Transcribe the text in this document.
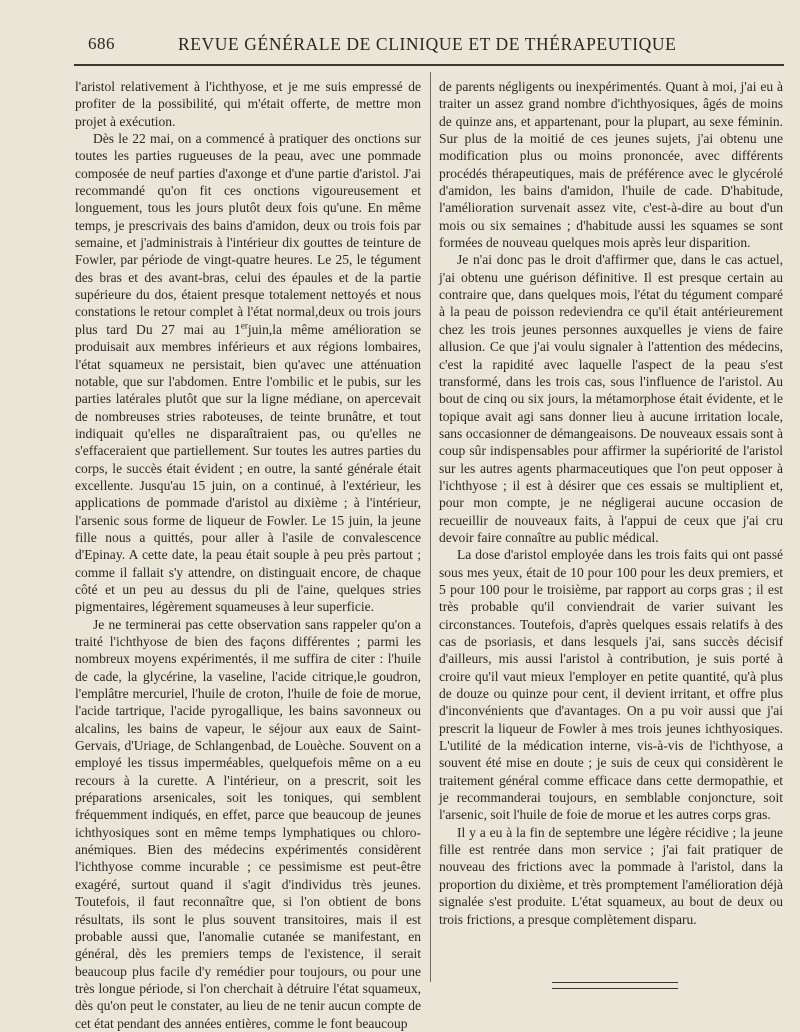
686	REVUE GÉNÉRALE DE CLINIQUE ET DE THÉRAPEUTIQUE

l'aristol relativement à l'ichthyose, et je me suis empressé de profiter de la possibilité, qui m'était offerte, de mettre mon projet à exécution.

Dès le 22 mai, on a commencé à pratiquer des onctions sur toutes les parties rugueuses de la peau, avec une pommade composée de neuf parties d'axonge et d'une partie d'aristol. J'ai recommandé qu'on fit ces onctions vigoureusement et longuement, tous les jours plutôt deux fois qu'une. En même temps, je prescrivais des bains d'amidon, deux ou trois fois par semaine, et j'administrais à l'intérieur dix gouttes de teinture de Fowler, par période de vingt-quatre heures. Le 25, le tégument des bras et des avant-bras, celui des épaules et de la partie supérieure du dos, étaient presque totalement nettoyés et nous constations le retour complet à l'état normal,deux ou trois jours plus tard Du 27 mai au 1erjuin,la même amélioration se produisait aux membres inférieurs et aux régions lombaires, l'état squameux ne persistait, bien qu'avec une atténuation notable, que sur l'abdomen. Entre l'ombilic et le pubis, sur les parties latérales plutôt que sur la ligne médiane, on apercevait de nombreuses stries raboteuses, de teinte brunâtre, et tout indiquait qu'elles ne disparaîtraient pas, ou qu'elles ne s'effaceraient que partiellement. Sur toutes les autres parties du corps, le succès était évident ; en outre, la santé générale était excellente. Jusqu'au 15 juin, on a continué, à l'extérieur, les applications de pommade d'aristol au dixième ; à l'intérieur, l'arsenic sous forme de liqueur de Fowler. Le 15 juin, la jeune fille nous a quittés, pour aller à l'asile de convalescence d'Epinay. A cette date, la peau était souple à peu près partout ; comme il fallait s'y attendre, on distinguait encore, de chaque côté et un peu au dessus du pli de l'aine, quelques stries pigmentaires, légèrement squameuses à leur superficie.

Je ne terminerai pas cette observation sans rappeler qu'on a traité l'ichthyose de bien des façons différentes ; parmi les nombreux moyens expérimentés, il me suffira de citer : l'huile de cade, la glycérine, la vaseline, l'acide citrique,le goudron, l'emplâtre mercuriel, l'huile de croton, l'huile de foie de morue, l'acide tartrique, l'acide pyrogallique, les bains savonneux ou alcalins, les bains de vapeur, le séjour aux eaux de Saint-Gervais, d'Uriage, de Schlangenbad, de Louèche. Souvent on a employé les tissus imperméables, quelquefois même on a eu recours à la curette. A l'intérieur, on a prescrit, soit les préparations arsenicales, soit les toniques, qui semblent fréquemment indiqués, en effet, parce que beaucoup de jeunes ichthyosiques sont en même temps lymphatiques ou chloro-anémiques. Bien des médecins expérimentés considèrent l'ichthyose comme incurable ; ce pessimisme est peut-être exagéré, surtout quand il s'agit d'individus très jeunes. Toutefois, il faut reconnaître que, si l'on obtient de bons résultats, ils sont le plus souvent transitoires, mais il est probable aussi que, l'anomalie cutanée se manifestant, en général, dès les premiers temps de l'existence, il serait beaucoup plus facile d'y remédier pour toujours, ou pour une très longue période, si l'on cherchait à détruire l'état squameux, dès qu'on peut le constater, au lieu de ne tenir aucun compte de cet état pendant des années entières, comme le font beaucoup

de parents négligents ou inexpérimentés. Quant à moi, j'ai eu à traiter un assez grand nombre d'ichthyosiques, âgés de moins de quinze ans, et appartenant, pour la plupart, au sexe féminin. Sur plus de la moitié de ces jeunes sujets, j'ai obtenu une modification plus ou moins prononcée, avec différents procédés thérapeutiques, mais de préférence avec le glycérolé d'amidon, les bains d'amidon, l'huile de cade. D'habitude, l'amélioration survenait assez vite, c'est-à-dire au bout d'un mois ou six semaines ; d'habitude aussi les squames se sont formées de nouveau quelques mois après leur disparition.

Je n'ai donc pas le droit d'affirmer que, dans le cas actuel, j'ai obtenu une guérison définitive. Il est presque certain au contraire que, dans quelques mois, l'état du tégument comparé à la peau de poisson redeviendra ce qu'il était antérieurement chez les trois jeunes personnes auxquelles je viens de faire allusion. Ce que j'ai voulu signaler à l'attention des médecins, c'est la rapidité avec laquelle l'aspect de la peau s'est transformé, dans les trois cas, sous l'influence de l'aristol. Au bout de cinq ou six jours, la métamorphose était évidente, et le topique avait agi sans donner lieu à aucune irritation locale, sans occasionner de démangeaisons. De nouveaux essais sont à coup sûr indispensables pour affirmer la supériorité de l'aristol sur les autres agents pharmaceutiques que l'on peut opposer à l'ichthyose ; il est à désirer que ces essais se multiplient et, pour mon compte, je ne négligerai aucune occasion de recueillir de nouveaux faits, à l'appui de ceux que j'ai cru devoir faire connaître au public médical.

La dose d'aristol employée dans les trois faits qui ont passé sous mes yeux, était de 10 pour 100 pour les deux premiers, et 5 pour 100 pour le troisième, par rapport au corps gras ; il est très probable qu'il conviendrait de varier suivant les circonstances. Toutefois, d'après quelques essais relatifs à des cas de psoriasis, et dans lesquels j'ai, sans succès décisif d'ailleurs, mis aussi l'aristol à contribution, je suis porté à croire qu'il vaut mieux l'employer en petite quantité, qu'à plus de douze ou quinze pour cent, il devient irritant, et offre plus d'inconvénients que d'avantages. On a pu voir aussi que j'ai prescrit la liqueur de Fowler à mes trois jeunes ichthyosiques. L'utilité de la médication interne, vis-à-vis de l'ichthyose, a souvent été mise en doute ; je suis de ceux qui considèrent le traitement général comme efficace dans cette dermopathie, et je recommanderai toujours, en semblable conjoncture, soit l'arsenic, soit l'huile de foie de morue et les autres corps gras.

Il y a eu à la fin de septembre une légère récidive ; la jeune fille est rentrée dans mon service ; j'ai fait pratiquer de nouveau des frictions avec la pommade à l'aristol, dans la proportion du dixième, et très promptement l'amélioration déjà signalée s'est produite. L'état squameux, au bout de deux ou trois frictions, a presque complètement disparu.
